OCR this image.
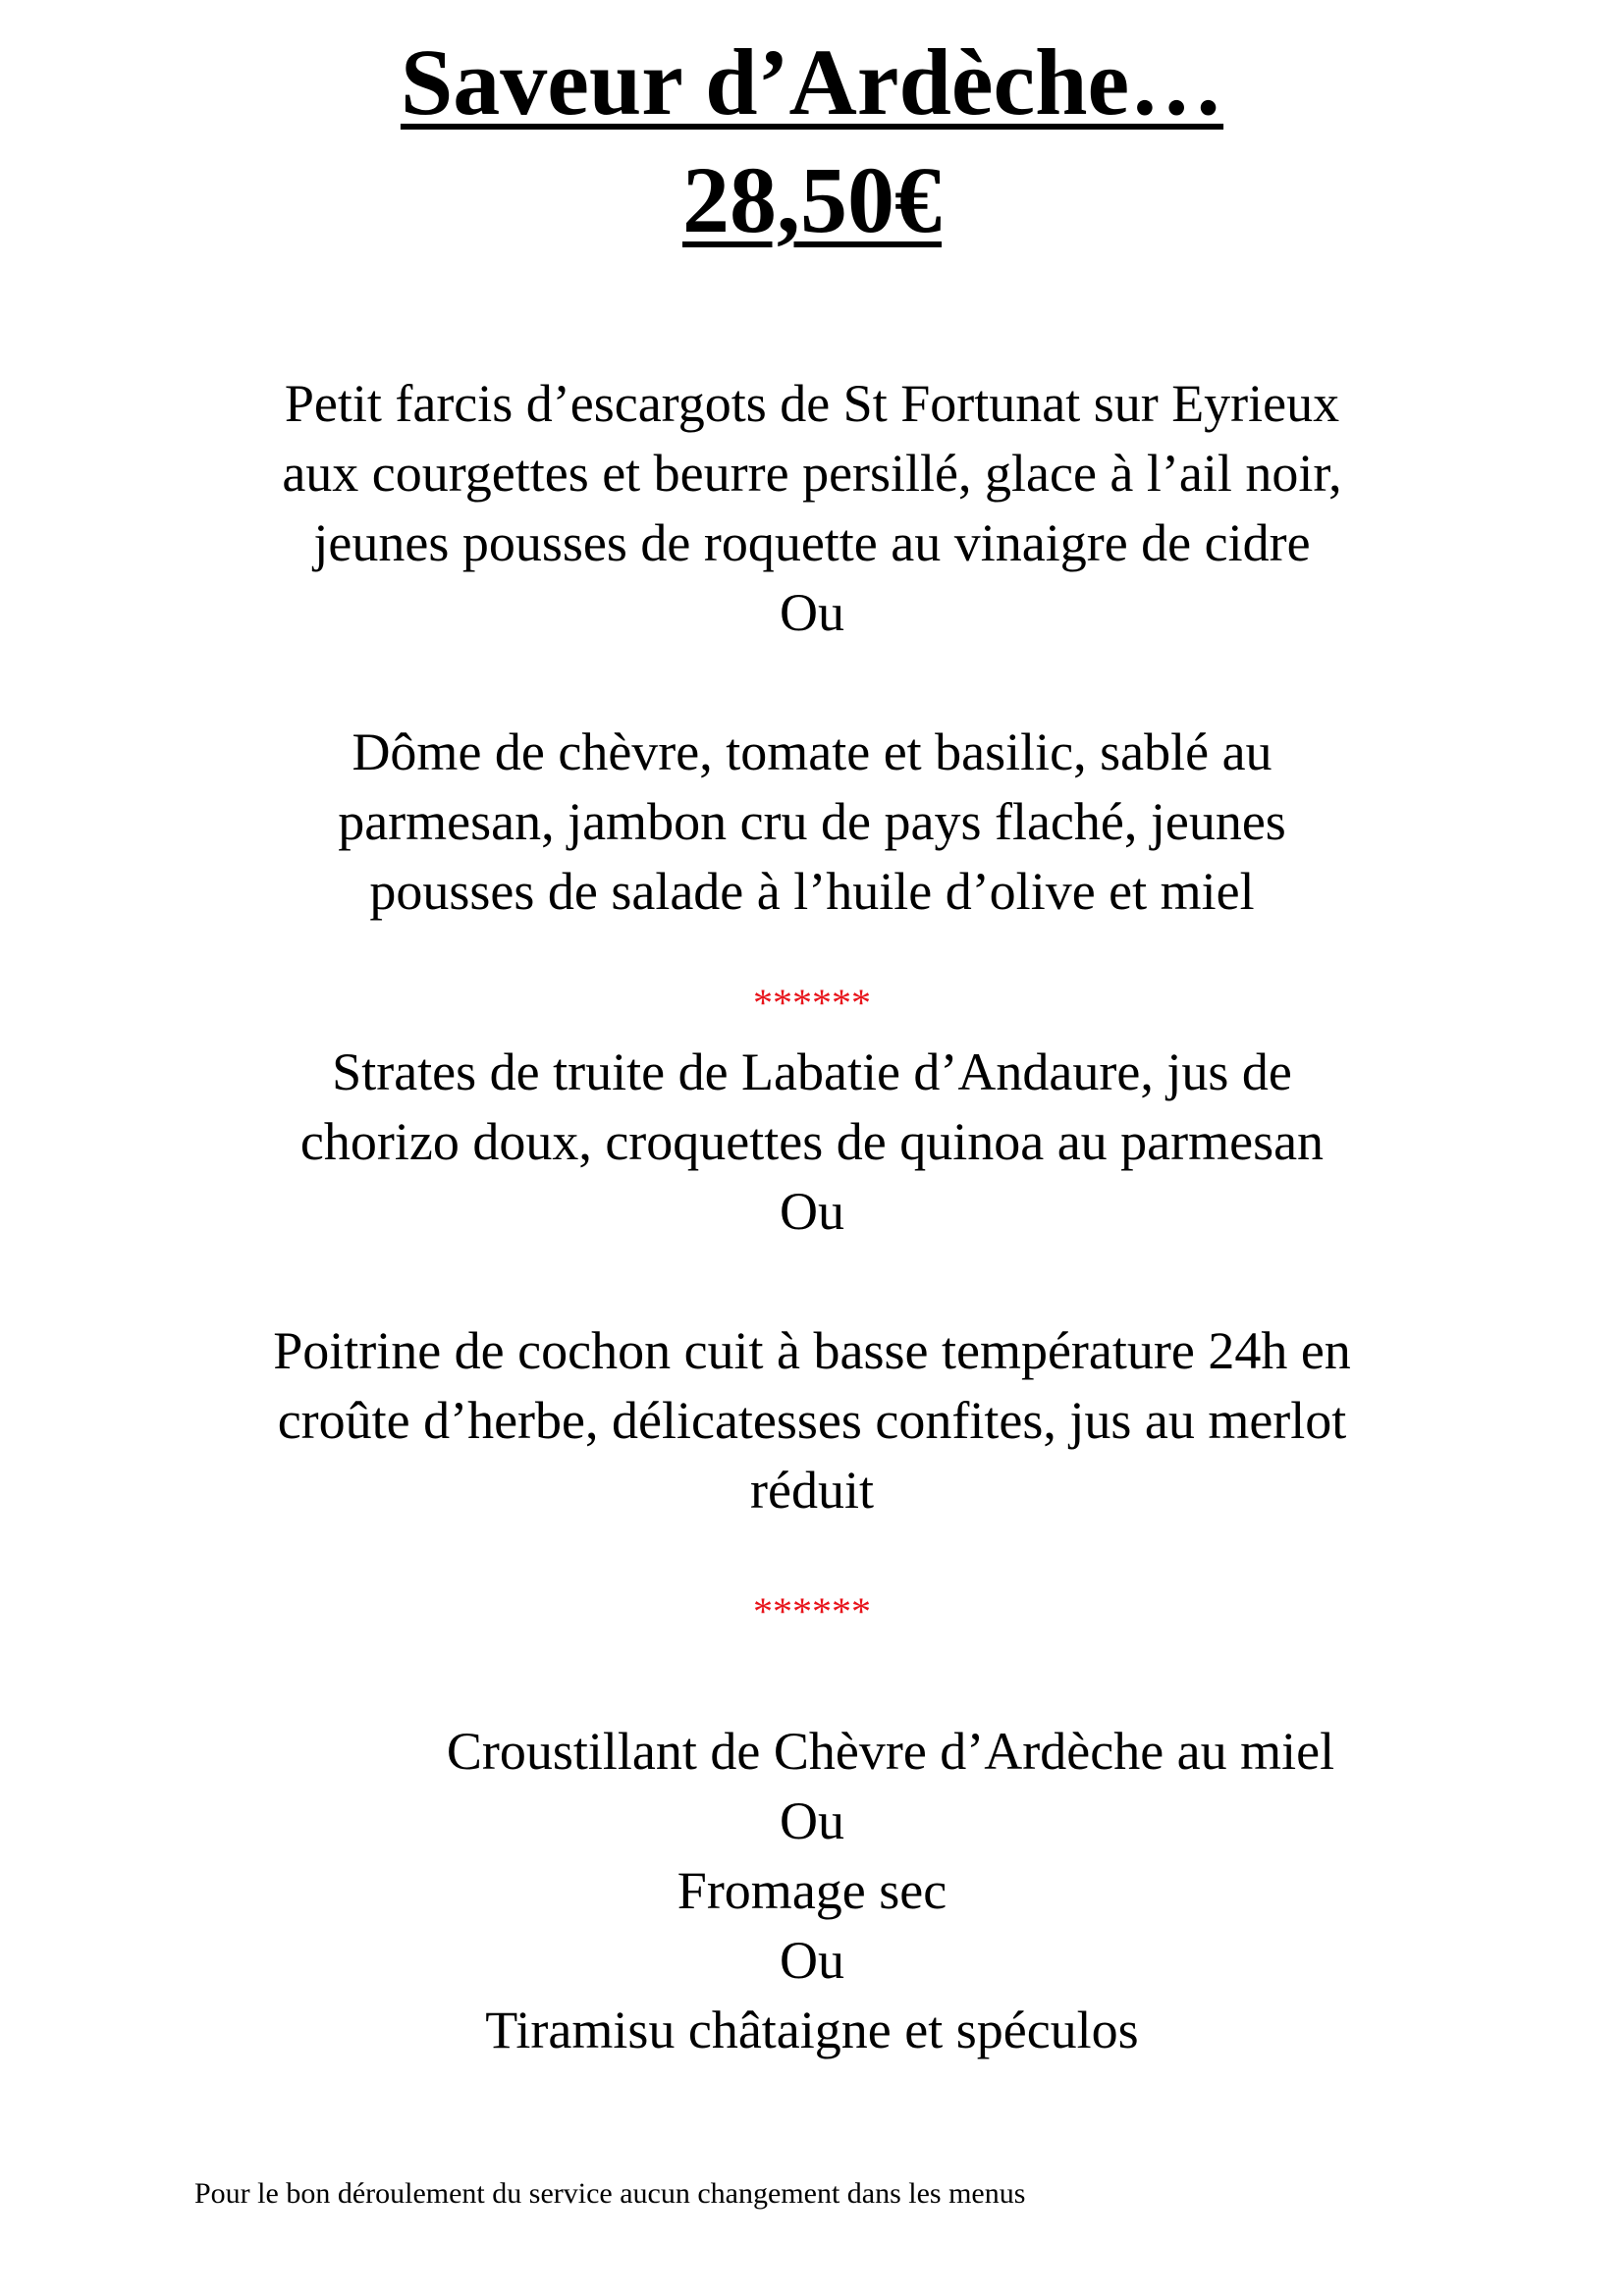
Saveur d’Ardèche…
28,50€
Petit farcis d’escargots de St Fortunat sur Eyrieux
aux courgettes et beurre persillé, glace à l’ail noir,
jeunes pousses de roquette au vinaigre de cidre
Ou
Dôme de chèvre, tomate et basilic, sablé au
parmesan, jambon cru de pays flaché, jeunes
pousses de salade à l’huile d’olive et miel
******
Strates de truite de Labatie d’Andaure, jus de
chorizo doux, croquettes de quinoa au parmesan
Ou
Poitrine de cochon cuit à basse température 24h en
croûte d’herbe, délicatesses confites, jus au merlot
réduit
******
Croustillant de Chèvre d’Ardèche au miel
Ou
Fromage sec
Ou
Tiramisu châtaigne et spéculos
Pour le bon déroulement du service aucun changement dans les menus
